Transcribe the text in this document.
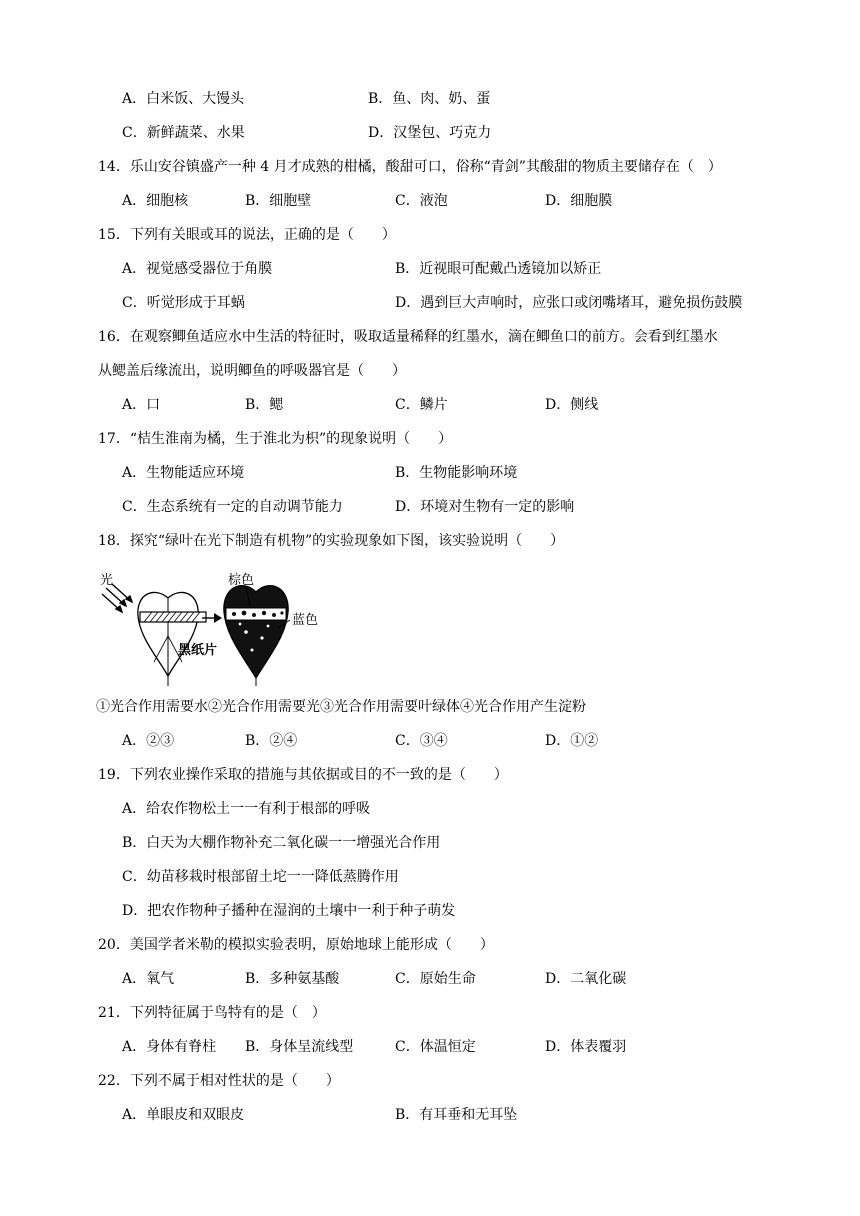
A．白米饭、大馒头	B．鱼、肉、奶、蛋
C．新鲜蔬菜、水果	D．汉堡包、巧克力
14．乐山安谷镇盛产一种 4 月才成熟的柑橘，酸甜可口，俗称“青剑”其酸甜的物质主要储存在（　）
A．细胞核	B．细胞壁	C．液泡	D．细胞膜
15．下列有关眼或耳的说法，正确的是（　　）
A．视觉感受器位于角膜	B．近视眼可配戴凸透镜加以矫正
C．听觉形成于耳蜗	D．遇到巨大声响时，应张口或闭嘴堵耳，避免损伤鼓膜
16．在观察鲫鱼适应水中生活的特征时，吸取适量稀释的红墨水，滴在鲫鱼口的前方。会看到红墨水
从鳃盖后缘流出，说明鲫鱼的呼吸器官是（　　）
A．口	B．鳃	C．鳞片	D．侧线
17．“桔生淮南为橘，生于淮北为枳”的现象说明（　　）
A．生物能适应环境	B．生物能影响环境
C．生态系统有一定的自动调节能力	D．环境对生物有一定的影响
18．探究“绿叶在光下制造有机物”的实验现象如下图，该实验说明（　　）
光	棕色
蓝色
黑纸片
①光合作用需要水②光合作用需要光③光合作用需要叶绿体④光合作用产生淀粉
A．②③	B．②④	C．③④	D．①②
19．下列农业操作采取的措施与其依据或目的不一致的是（　　）
A．给农作物松土一一有利于根部的呼吸
B．白天为大棚作物补充二氧化碳一一增强光合作用
C．幼苗移栽时根部留土坨一一降低蒸腾作用
D．把农作物种子播种在湿润的土壤中一利于种子萌发
20．美国学者米勒的模拟实验表明，原始地球上能形成（　　）
A．氧气	B．多种氨基酸	C．原始生命	D．二氧化碳
21．下列特征属于鸟特有的是（　）
A．身体有脊柱 B．身体呈流线型	C．体温恒定	D．体表覆羽
22．下列不属于相对性状的是（　　）
A．单眼皮和双眼皮	B．有耳垂和无耳坠
